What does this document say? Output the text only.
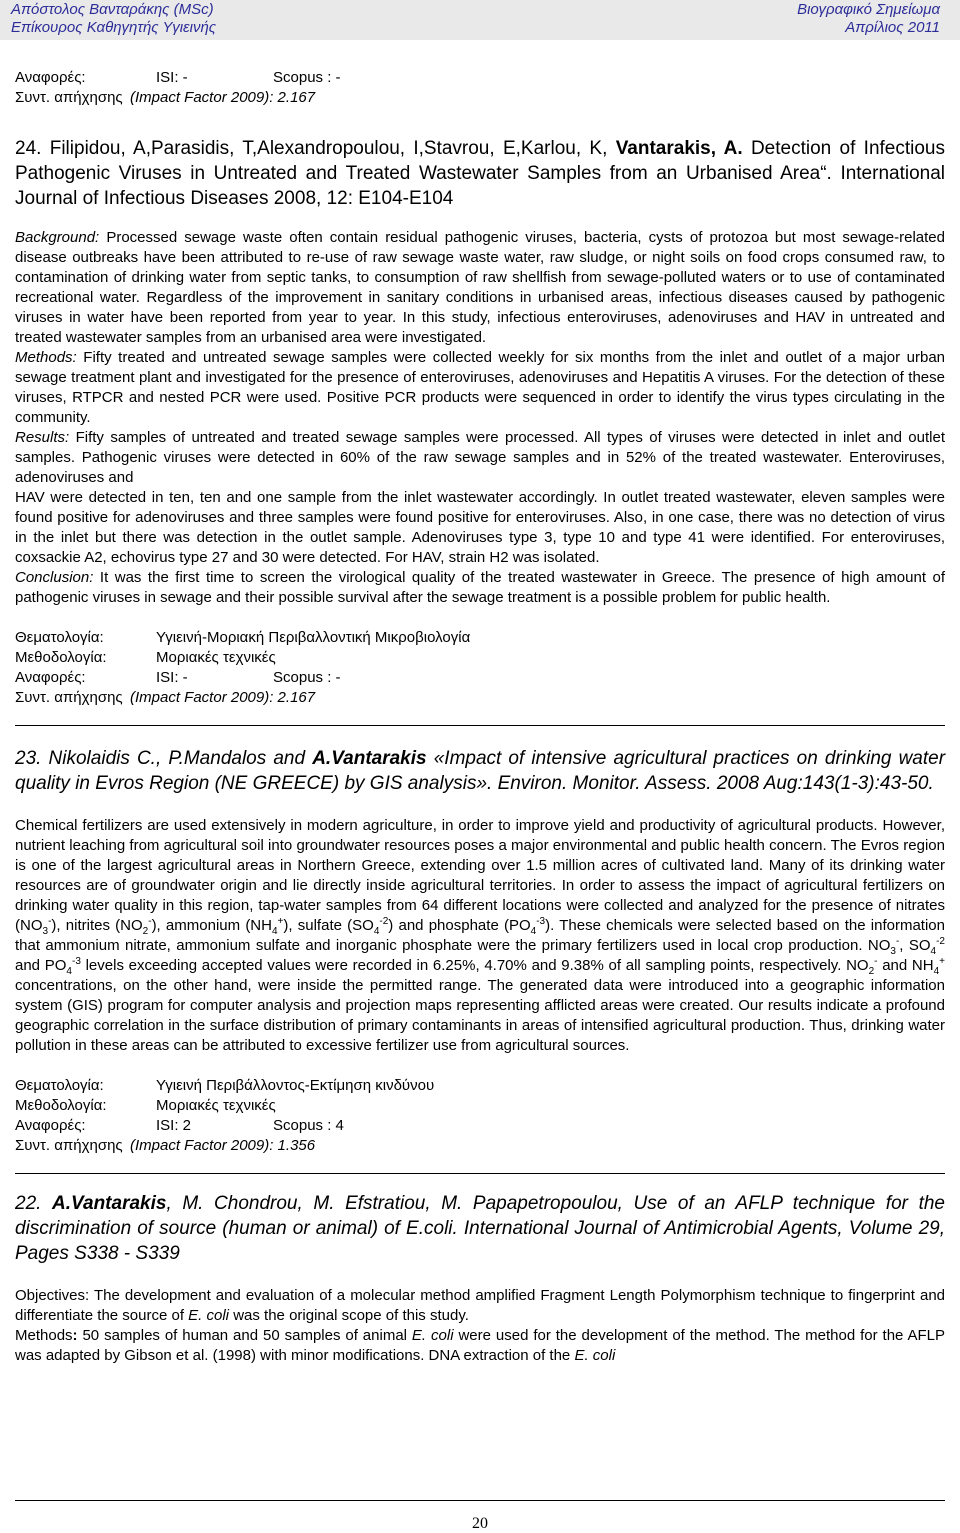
Απόστολος Βανταράκης (MSc)
Επίκουρος Καθηγητής Υγιεινής
Βιογραφικό Σημείωμα
Απρίλιος 2011
Αναφορές:	ISI: -	Scopus : -
Συντ. απήχησης (Impact Factor 2009): 2.167
24. Filipidou, A,Parasidis, T,Alexandropoulou, I,Stavrou, E,Karlou, K, Vantarakis, A. Detection of Infectious Pathogenic Viruses in Untreated and Treated Wastewater Samples from an Urbanised Area“. International Journal of Infectious Diseases 2008, 12: E104-E104
Background: Processed sewage waste often contain residual pathogenic viruses, bacteria, cysts of protozoa but most sewage-related disease outbreaks have been attributed to re-use of raw sewage waste water, raw sludge, or night soils on food crops consumed raw, to contamination of drinking water from septic tanks, to consumption of raw shellfish from sewage-polluted waters or to use of contaminated recreational water. Regardless of the improvement in sanitary conditions in urbanised areas, infectious diseases caused by pathogenic viruses in water have been reported from year to year. In this study, infectious enteroviruses, adenoviruses and HAV in untreated and treated wastewater samples from an urbanised area were investigated.
Methods: Fifty treated and untreated sewage samples were collected weekly for six months from the inlet and outlet of a major urban sewage treatment plant and investigated for the presence of enteroviruses, adenoviruses and Hepatitis A viruses. For the detection of these viruses, RTPCR and nested PCR were used. Positive PCR products were sequenced in order to identify the virus types circulating in the community.
Results: Fifty samples of untreated and treated sewage samples were processed. All types of viruses were detected in inlet and outlet samples. Pathogenic viruses were detected in 60% of the raw sewage samples and in 52% of the treated wastewater. Enteroviruses, adenoviruses and
HAV were detected in ten, ten and one sample from the inlet wastewater accordingly. In outlet treated wastewater, eleven samples were found positive for adenoviruses and three samples were found positive for enteroviruses. Also, in one case, there was no detection of virus in the inlet but there was detection in the outlet sample. Adenoviruses type 3, type 10 and type 41 were identified. For enteroviruses, coxsackie A2, echovirus type 27 and 30 were detected. For HAV, strain H2 was isolated.
Conclusion: It was the first time to screen the virological quality of the treated wastewater in Greece. The presence of high amount of pathogenic viruses in sewage and their possible survival after the sewage treatment is a possible problem for public health.
Θεματολογία:	Υγιεινή-Μοριακή Περιβαλλοντική Μικροβιολογία
Μεθοδολογία:	Μοριακές τεχνικές
Αναφορές:	ISI: -	Scopus : -
Συντ. απήχησης (Impact Factor 2009): 2.167
23. Nikolaidis C., P.Mandalos and A.Vantarakis «Impact of intensive agricultural practices on drinking water quality in Evros Region (NE GREECE) by GIS analysis». Environ. Monitor. Assess. 2008 Aug:143(1-3):43-50.
Chemical fertilizers are used extensively in modern agriculture, in order to improve yield and productivity of agricultural products. However, nutrient leaching from agricultural soil into groundwater resources poses a major environmental and public health concern. The Evros region is one of the largest agricultural areas in Northern Greece, extending over 1.5 million acres of cultivated land. Many of its drinking water resources are of groundwater origin and lie directly inside agricultural territories. In order to assess the impact of agricultural fertilizers on drinking water quality in this region, tap-water samples from 64 different locations were collected and analyzed for the presence of nitrates $(NO_3^-)$, nitrites $(NO_2^-)$, ammonium $(NH_4^+)$, sulfate $(SO_4^{-2})$ and phosphate $(PO_4^{-3})$. These chemicals were selected based on the information that ammonium nitrate, ammonium sulfate and inorganic phosphate were the primary fertilizers used in local crop production. $NO_3^-$, $SO_4^{-2}$ and $PO_4^{-3}$ levels exceeding accepted values were recorded in 6.25%, 4.70% and 9.38% of all sampling points, respectively. $NO_2^-$ and $NH_4^+$ concentrations, on the other hand, were inside the permitted range. The generated data were introduced into a geographic information system (GIS) program for computer analysis and projection maps representing afflicted areas were created. Our results indicate a profound geographic correlation in the surface distribution of primary contaminants in areas of intensified agricultural production. Thus, drinking water pollution in these areas can be attributed to excessive fertilizer use from agricultural sources.
Θεματολογία:	Υγιεινή Περιβάλλοντος-Εκτίμηση κινδύνου
Μεθοδολογία:	Μοριακές τεχνικές
Αναφορές:	ISI: 2	Scopus : 4
Συντ. απήχησης (Impact Factor 2009): 1.356
22. A.Vantarakis, M. Chondrou, M. Efstratiou, M. Papapetropoulou, Use of an AFLP technique for the discrimination of source (human or animal) of E.coli. International Journal of Antimicrobial Agents, Volume 29, Pages S338 - S339
Objectives: The development and evaluation of a molecular method amplified Fragment Length Polymorphism technique to fingerprint and differentiate the source of E. coli was the original scope of this study.
Methods: 50 samples of human and 50 samples of animal E. coli were used for the development of the method. The method for the AFLP was adapted by Gibson et al. (1998) with minor modifications. DNA extraction of the E. coli
20
